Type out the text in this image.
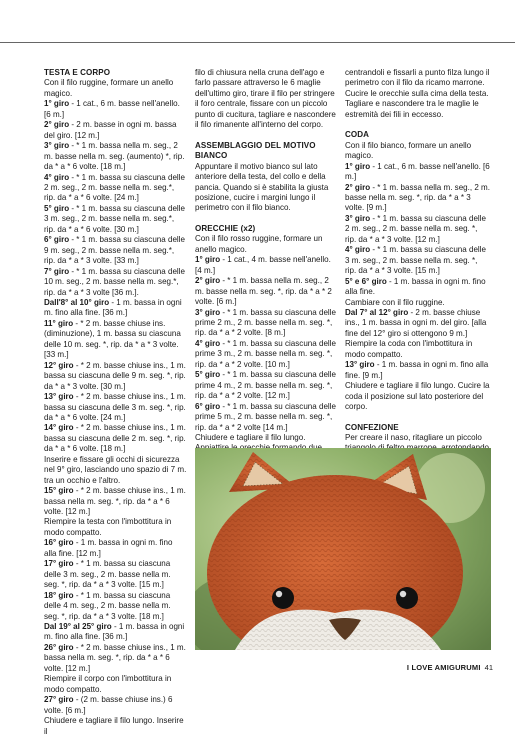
TESTA E CORPO

Con il filo ruggine, formare un anello magico.

1° giro - 1 cat., 6 m. basse nell'anello. [6 m.]

2° giro - 2 m. basse in ogni m. bassa del giro. [12 m.]

3° giro - * 1 m. bassa nella m. seg., 2 m. basse nella m. seg. (aumento) *, rip. da * a * 6 volte. [18 m.]

4° giro - * 1 m. bassa su ciascuna delle 2 m. seg., 2 m. basse nella m. seg.*, rip. da * a * 6 volte. [24 m.]

5° giro - * 1 m. bassa su ciascuna delle 3 m. seg., 2 m. basse nella m. seg.*, rip. da * a * 6 volte. [30 m.]

6° giro - * 1 m. bassa su ciascuna delle 9 m. seg., 2 m. basse nella m. seg.*, rip. da * a * 3 volte. [33 m.]

7° giro - * 1 m. bassa su ciascuna delle 10 m. seg., 2 m. basse nella m. seg.*, rip. da * a * 3 volte [36 m.].

Dall'8° al 10° giro - 1 m. bassa in ogni m. fino alla fine. [36 m.]

11° giro - * 2 m. basse chiuse ins. (diminuzione), 1 m. bassa su ciascuna delle 10 m. seg. *, rip. da * a * 3 volte. [33 m.]

12° giro - * 2 m. basse chiuse ins., 1 m. bassa su ciascuna delle 9 m. seg. *, rip. da * a * 3 volte. [30 m.]

13° giro - * 2 m. basse chiuse ins., 1 m. bassa su ciascuna delle 3 m. seg. *, rip. da * a * 6 volte. [24 m.]

14° giro - * 2 m. basse chiuse ins., 1 m. bassa su ciascuna delle 2 m. seg. *, rip. da * a * 6 volte. [18 m.]

Inserire e fissare gli occhi di sicurezza nel 9° giro, lasciando uno spazio di 7 m. tra un occhio e l'altro.

15° giro - * 2 m. basse chiuse ins., 1 m. bassa nella m. seg. *, rip. da * a * 6 volte. [12 m.]

Riempire la testa con l'imbottitura in modo compatto.

16° giro - 1 m. bassa in ogni m. fino alla fine. [12 m.]

17° giro - * 1 m. bassa su ciascuna delle 3 m. seg., 2 m. basse nella m. seg. *, rip. da * a * 3 volte. [15 m.]

18° giro - * 1 m. bassa su ciascuna delle 4 m. seg., 2 m. basse nella m. seg. *, rip. da * a * 3 volte. [18 m.]

Dal 19° al 25° giro - 1 m. bassa in ogni m. fino alla fine. [36 m.]

26° giro - * 2 m. basse chiuse ins., 1 m. bassa nella m. seg. *, rip. da * a * 6 volte. [12 m.]

Riempire il corpo con l'imbottitura in modo compatto.

27° giro - (2 m. basse chiuse ins.) 6 volte. [6 m.]

Chiudere e tagliare il filo lungo. Inserire il

filo di chiusura nella cruna dell'ago e farlo passare attraverso le 6 maglie dell'ultimo giro, tirare il filo per stringere il foro centrale, fissare con un piccolo punto di cucitura, tagliare e nascondere il filo rimanente all'interno del corpo.

ASSEMBLAGGIO DEL MOTIVO BIANCO

Appuntare il motivo bianco sul lato anteriore della testa, del collo e della pancia. Quando si è stabilita la giusta posizione, cucire i margini lungo il perimetro con il filo bianco.

ORECCHIE (x2)

Con il filo rosso ruggine, formare un anello magico.

1° giro - 1 cat., 4 m. basse nell'anello. [4 m.]

2° giro - * 1 m. bassa nella m. seg., 2 m. basse nella m. seg. *, rip. da * a * 2 volte. [6 m.]

3° giro - * 1 m. bassa su ciascuna delle prime 2 m., 2 m. basse nella m. seg. *, rip. da * a * 2 volte. [8 m.]

4° giro - * 1 m. bassa su ciascuna delle prime 3 m., 2 m. basse nella m. seg. *, rip. da * a * 2 volte. [10 m.]

5° giro - * 1 m. bassa su ciascuna delle prime 4 m., 2 m. basse nella m. seg. *, rip. da * a * 2 volte. [12 m.]

6° giro - * 1 m. bassa su ciascuna delle prime 5 m., 2 m. basse nella m. seg. *, rip. da * a * 2 volte [14 m.]

Chiudere e tagliare il filo lungo.

centrandoli e fissarli a punto filza lungo il perimetro con il filo da ricamo marrone. Cucire le orecchie sulla cima della testa. Tagliare e nascondere tra le maglie le estremità dei fili in eccesso.

CODA

Con il filo bianco, formare un anello magico.

1° giro - 1 cat., 6 m. basse nell'anello. [6 m.]

2° giro - * 1 m. bassa nella m. seg., 2 m. basse nella m. seg. *, rip. da * a * 3 volte. [9 m.]

3° giro - * 1 m. bassa su ciascuna delle 2 m. seg., 2 m. basse nella m. seg. *, rip. da * a * 3 volte. [12 m.]

4° giro - * 1 m. bassa su ciascuna delle 3 m. seg., 2 m. basse nella m. seg. *, rip. da * a * 3 volte. [15 m.]

5° e 6° giro - 1 m. bassa in ogni m. fino alla fine.

Cambiare con il filo ruggine.

Dal 7° al 12° giro - 2 m. basse chiuse ins., 1 m. bassa in ogni m. del giro. [alla fine del 12° giro si ottengono 9 m.]

Riempire la coda con l'imbottitura in modo compatto.

13° giro - 1 m. bassa in ogni m. fino alla fine. [9 m.]

Chiudere e tagliare il filo lungo. Cucire la coda il posizione sul lato posteriore del corpo.

CONFEZIONE

Per creare il naso, ritagliare un piccolo

I LOVE AMIGURUMI 41
